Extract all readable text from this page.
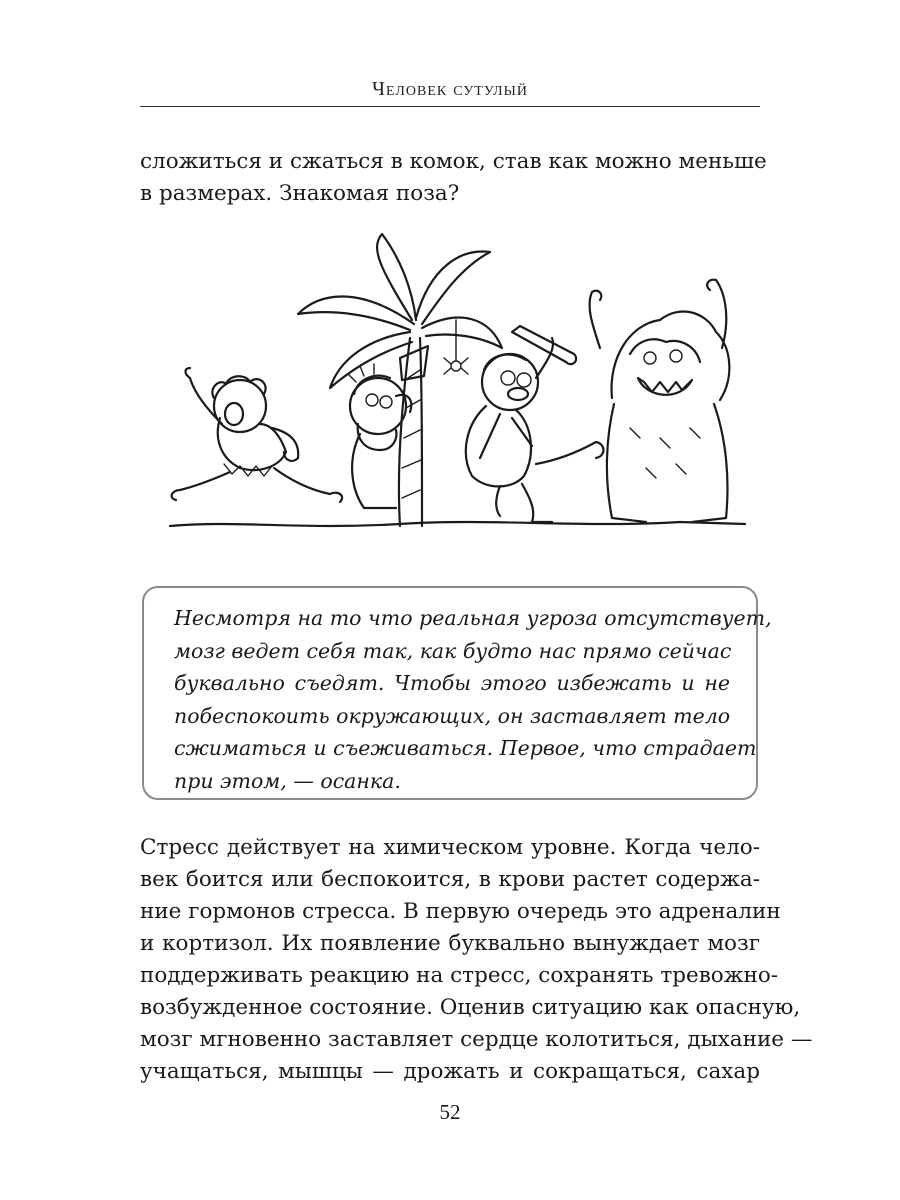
Человек сутулый
сложиться и сжаться в комок, став как можно меньше
в размерах. Знакомая поза?
Несмотря на то что реальная угроза отсутствует,
мозг ведет себя так, как будто нас прямо сейчас
буквально съедят. Чтобы этого избежать и не
побеспокоить окружающих, он заставляет тело
сжиматься и съеживаться. Первое, что страдает
при этом, — осанка.
Стресс действует на химическом уровне. Когда чело-
век боится или беспокоится, в крови растет содержа-
ние гормонов стресса. В первую очередь это адреналин
и кортизол. Их появление буквально вынуждает мозг
поддерживать реакцию на стресс, сохранять тревожно-
возбужденное состояние. Оценив ситуацию как опасную,
мозг мгновенно заставляет сердце колотиться, дыхание —
учащаться, мышцы — дрожать и сокращаться, сахар
52
